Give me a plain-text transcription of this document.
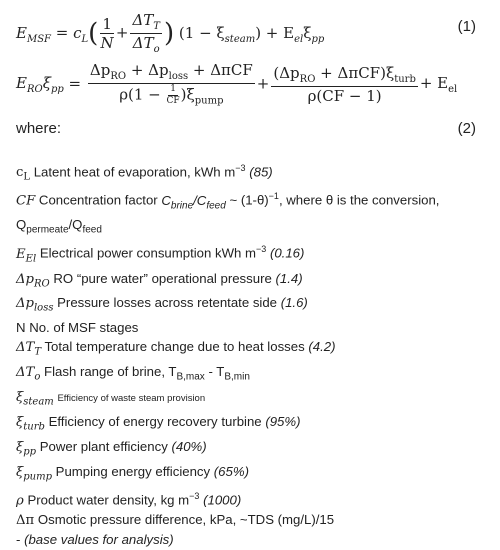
$E_{MSF} = c_L( \frac{1}{N} + \frac{\Delta T_T}{\Delta T_o}$ ) $(1 - \xi_{steam}) + E_{el}\xi_{pp}$
(1)
$E_{RO}\xi_{pp} = \frac{\Delta p_{RO} + \Delta p_{loss} + \Delta\pi CF}{\rho(1 - \frac{1}{CF} )\xi_{pump}} + \frac{(\Delta p_{RO} + \Delta\pi CF)\xi_{turb}}{\rho(CF - 1)} + E_{el}$
where:	(2)
$c_L$ Latent heat of evaporation, kWh $m^{-3}$ (85)
CF Concentration factor $C_{brine}/C_{feed}$ ~ $(1-\theta)^{-1}$, where θ is the conversion, $Q_{permeate}/Q_{feed}$
$E_{El}$ Electrical power consumption kWh $m^{-3}$ (0.16)
$\Delta p_{RO}$ RO “pure water” operational pressure (1.4)
$\Delta p_{loss}$ Pressure losses across retentate side (1.6)
N No. of MSF stages
$\Delta T_T$ Total temperature change due to heat losses (4.2)
$\Delta T_o$ Flash range of brine, $T_{B,max} - T_{B,min}$
$\xi_{steam}$ Efficiency of waste steam provision
$\xi_{turb}$ Efficiency of energy recovery turbine (95%)
$\xi_{pp}$ Power plant efficiency (40%)
$\xi_{pump}$ Pumping energy efficiency (65%)
ρ Product water density, kg $m^{-3}$ (1000)
Δπ Osmotic pressure difference, kPa, ~TDS (mg/L)/15
- (base values for analysis)
